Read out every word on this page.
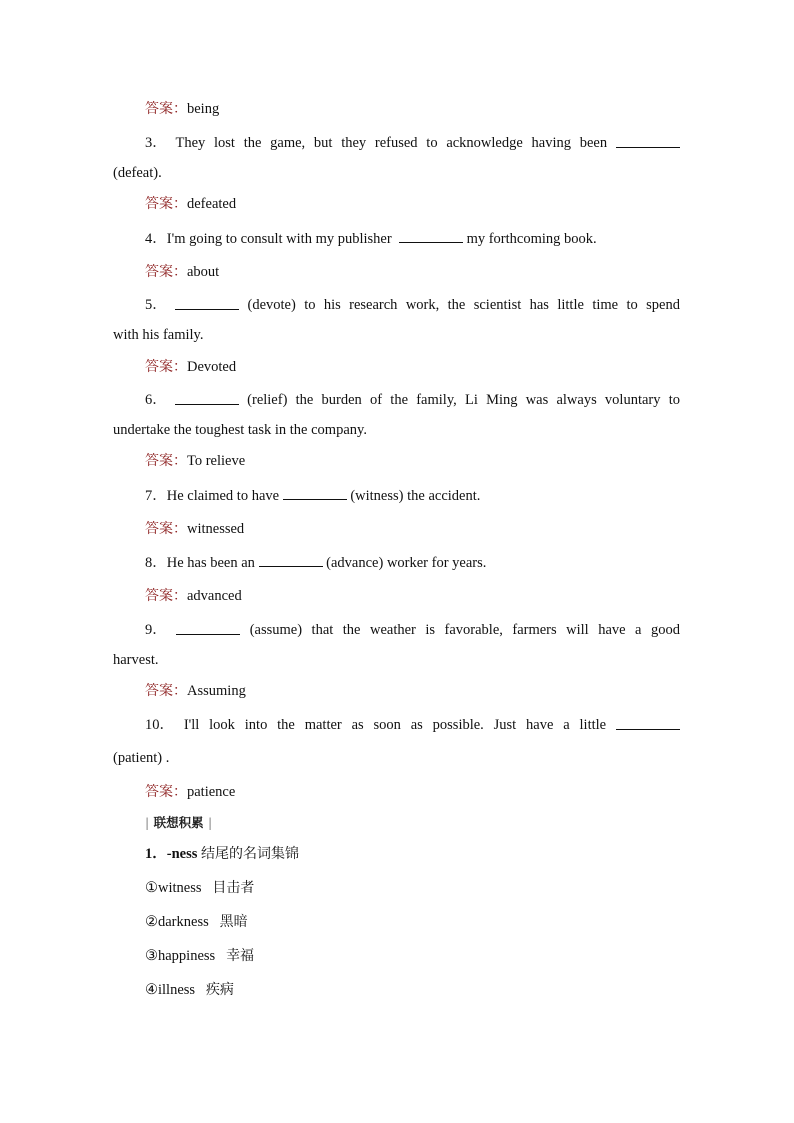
答案：being
3． They lost the game, but they refused to acknowledge having been
(defeat).
答案：defeated
4．I'm going to consult with my publisher	my forthcoming book.
答案：about
5．	(devote) to his research work, the scientist has little time to spend
with his family.
答案：Devoted
6．	(relief) the burden of the family, Li Ming was always voluntary to
undertake the toughest task in the company.
答案：To relieve
7．He claimed to have	(witness) the accident.
答案：witnessed
8．He has been an	(advance) worker for years.
答案：advanced
9．	(assume) that the weather is favorable, farmers will have a good
harvest.
答案：Assuming
10． I'll look into the matter as soon as possible. Just have a little
(patient) .
答案：patience
| 联想积累 |
1．-ness 结尾的名词集锦
①witness 目击者
②darkness 黑暗
③happiness 幸福
④illness 疾病
